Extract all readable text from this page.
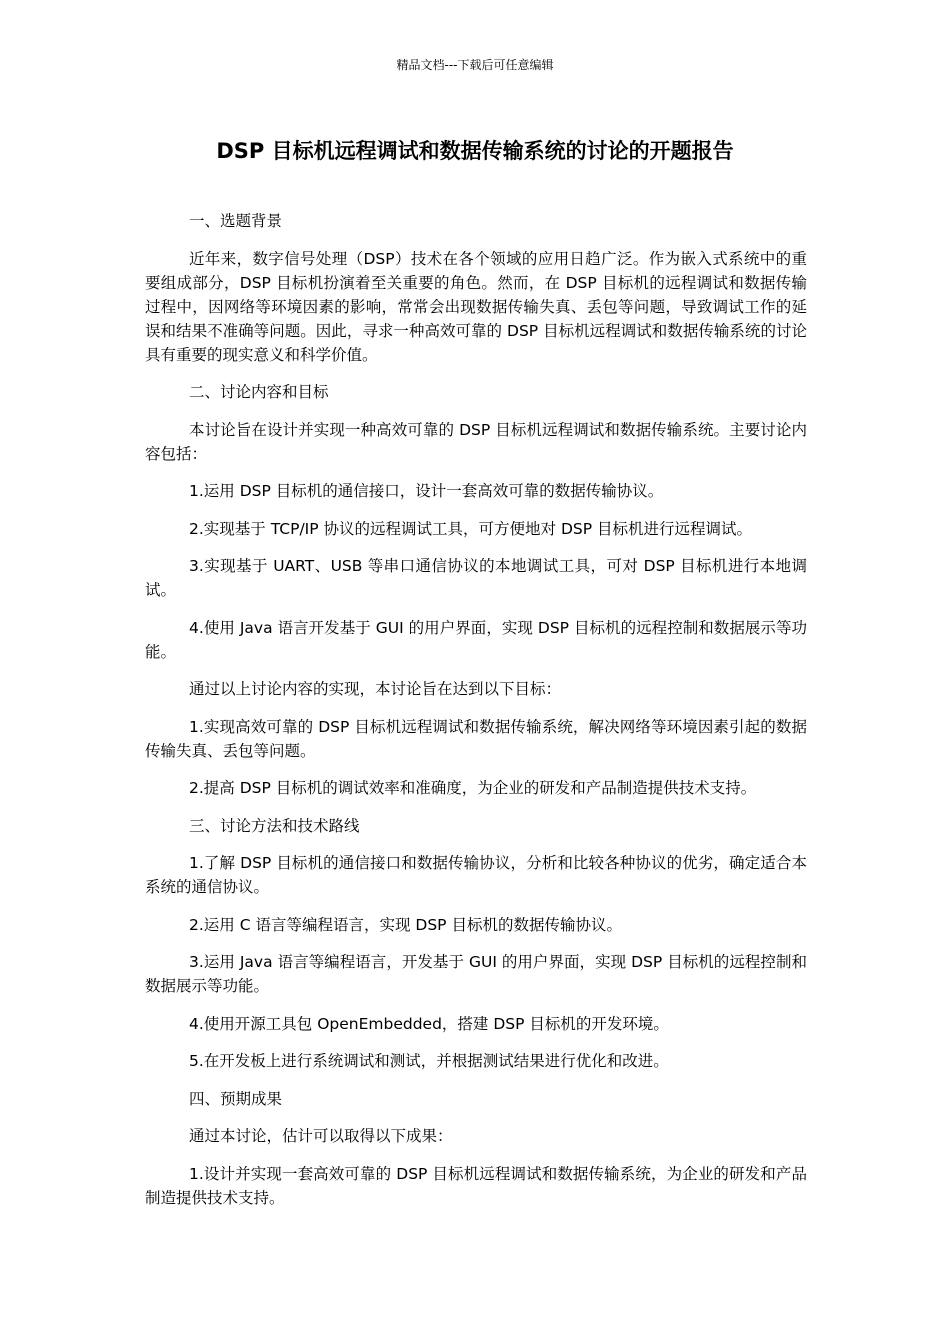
精品文档---下载后可任意编辑
DSP 目标机远程调试和数据传输系统的讨论的开题报告

一、选题背景

近年来，数字信号处理（DSP）技术在各个领域的应用日趋广泛。作为嵌入式系统中的重要组成部分，DSP 目标机扮演着至关重要的角色。然而，在 DSP 目标机的远程调试和数据传输过程中，因网络等环境因素的影响，常常会出现数据传输失真、丢包等问题，导致调试工作的延误和结果不准确等问题。因此，寻求一种高效可靠的 DSP 目标机远程调试和数据传输系统的讨论具有重要的现实意义和科学价值。

二、讨论内容和目标

本讨论旨在设计并实现一种高效可靠的 DSP 目标机远程调试和数据传输系统。主要讨论内容包括：

1.运用 DSP 目标机的通信接口，设计一套高效可靠的数据传输协议。

2.实现基于 TCP/IP 协议的远程调试工具，可方便地对 DSP 目标机进行远程调试。

3.实现基于 UART、USB 等串口通信协议的本地调试工具，可对 DSP 目标机进行本地调试。

4.使用 Java 语言开发基于 GUI 的用户界面，实现 DSP 目标机的远程控制和数据展示等功能。

通过以上讨论内容的实现，本讨论旨在达到以下目标：

1.实现高效可靠的 DSP 目标机远程调试和数据传输系统，解决网络等环境因素引起的数据传输失真、丢包等问题。

2.提高 DSP 目标机的调试效率和准确度，为企业的研发和产品制造提供技术支持。

三、讨论方法和技术路线

1.了解 DSP 目标机的通信接口和数据传输协议，分析和比较各种协议的优劣，确定适合本系统的通信协议。

2.运用 C 语言等编程语言，实现 DSP 目标机的数据传输协议。

3.运用 Java 语言等编程语言，开发基于 GUI 的用户界面，实现 DSP 目标机的远程控制和数据展示等功能。

4.使用开源工具包 OpenEmbedded，搭建 DSP 目标机的开发环境。

5.在开发板上进行系统调试和测试，并根据测试结果进行优化和改进。

四、预期成果

通过本讨论，估计可以取得以下成果：

1.设计并实现一套高效可靠的 DSP 目标机远程调试和数据传输系统，为企业的研发和产品制造提供技术支持。
